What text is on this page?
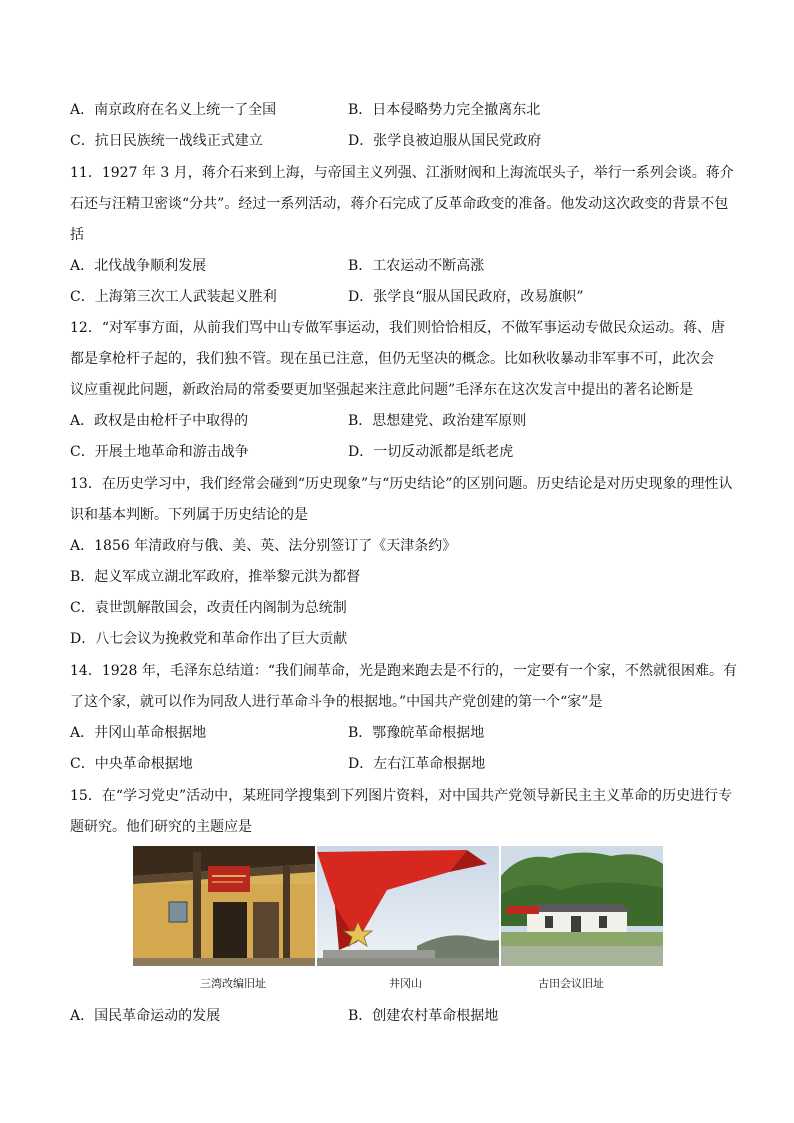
A．南京政府在名义上统一了全国	B．日本侵略势力完全撤离东北
C．抗日民族统一战线正式建立	D．张学良被迫服从国民党政府
11．1927 年 3 月，蒋介石来到上海，与帝国主义列强、江浙财阀和上海流氓头子，举行一系列会谈。蒋介
石还与汪精卫密谈“分共”。经过一系列活动，蒋介石完成了反革命政变的准备。他发动这次政变的背景不包
括
A．北伐战争顺利发展	B．工农运动不断高涨
C．上海第三次工人武装起义胜利	D．张学良“服从国民政府，改易旗帜”
12．“对军事方面，从前我们骂中山专做军事运动，我们则恰恰相反，不做军事运动专做民众运动。蒋、唐
都是拿枪杆子起的，我们独不管。现在虽已注意，但仍无坚决的概念。比如秋收暴动非军事不可，此次会
议应重视此问题，新政治局的常委要更加坚强起来注意此问题”毛泽东在这次发言中提出的著名论断是
A．政权是由枪杆子中取得的	B．思想建党、政治建军原则
C．开展土地革命和游击战争	D．一切反动派都是纸老虎
13．在历史学习中，我们经常会碰到“历史现象”与“历史结论”的区别问题。历史结论是对历史现象的理性认
识和基本判断。下列属于历史结论的是
A．1856 年清政府与俄、美、英、法分别签订了《天津条约》
B．起义军成立湖北军政府，推举黎元洪为都督
C．袁世凯解散国会，改责任内阁制为总统制
D．八七会议为挽救党和革命作出了巨大贡献
14．1928 年，毛泽东总结道：“我们闹革命，光是跑来跑去是不行的，一定要有一个家，不然就很困难。有
了这个家，就可以作为同敌人进行革命斗争的根据地。”中国共产党创建的第一个“家”是
A．井冈山革命根据地	B．鄂豫皖革命根据地
C．中央革命根据地	D．左右江革命根据地
15．在“学习党史”活动中，某班同学搜集到下列图片资料，对中国共产党领导新民主主义革命的历史进行专
题研究。他们研究的主题应是
三湾改编旧址	井冈山	古田会议旧址
A．国民革命运动的发展	B．创建农村革命根据地
